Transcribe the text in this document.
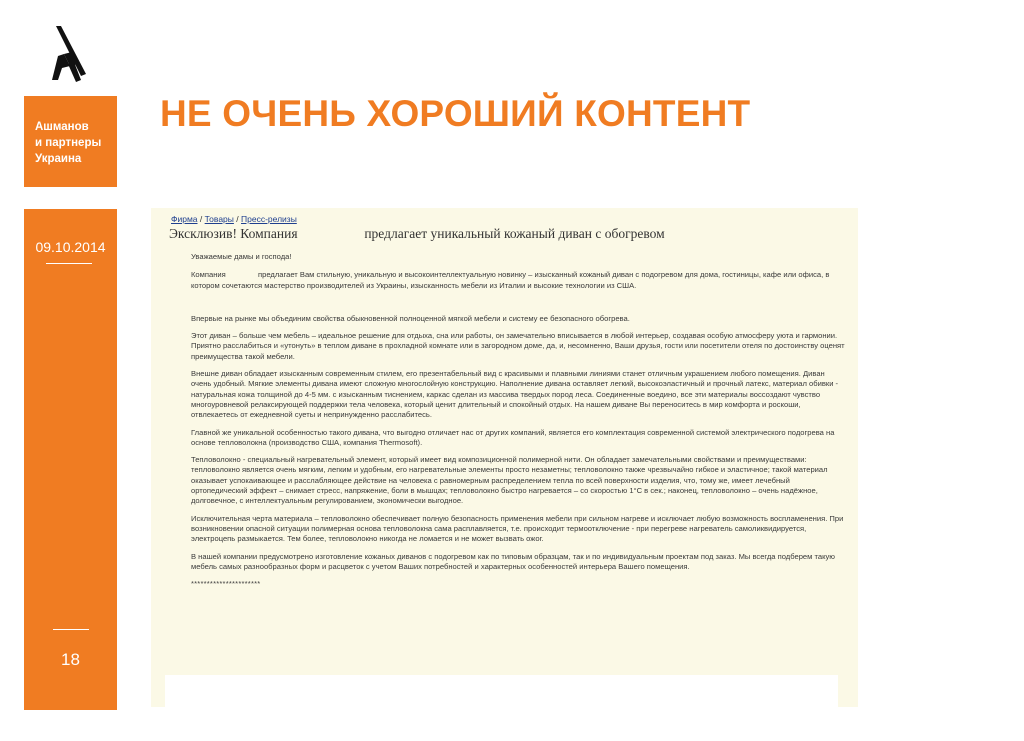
Ашманов
и партнеры
Украина
НЕ ОЧЕНЬ ХОРОШИЙ КОНТЕНТ
09.10.2014
18
Фирма / Товары / Пресс-релизы
Эксклюзив! Компания	предлагает уникальный кожаный диван с обогревом

Уважаемые дамы и господа!

Компания	предлагает Вам стильную, уникальную и высокоинтеллектуальную новинку – изысканный кожаный диван с подогревом для дома, гостиницы, кафе или офиса, в котором сочетаются мастерство производителей из Украины, изысканность мебели из Италии и высокие технологии из США.

Впервые на рынке мы объединим свойства обыкновенной полноценной мягкой мебели и систему ее безопасного обогрева.

Этот диван – больше чем мебель – идеальное решение для отдыха, сна или работы, он замечательно вписывается в любой интерьер, создавая особую атмосферу уюта и гармонии. Приятно расслабиться и «утонуть» в теплом диване в прохладной комнате или в загородном доме, да, и, несомненно, Ваши друзья, гости или посетители отеля по достоинству оценят преимущества такой мебели.

Внешне диван обладает изысканным современным стилем, его презентабельный вид с красивыми и плавными линиями станет отличным украшением любого помещения. Диван очень удобный. Мягкие элементы дивана имеют сложную многослойную конструкцию. Наполнение дивана оставляет легкий, высокоэластичный и прочный латекс, материал обивки - натуральная кожа толщиной до 4-5 мм. с изысканным тиснением, каркас сделан из массива твердых пород леса. Соединенные воедино, все эти материалы воссоздают чувство многоуровневой релаксирующей поддержки тела человека, который ценит длительный и спокойный отдых. На нашем диване Вы переноситесь в мир комфорта и роскоши, отвлекаетесь от ежедневной суеты и непринужденно расслабитесь.

Главной же уникальной особенностью такого дивана, что выгодно отличает нас от других компаний, является его комплектация современной системой электрического подогрева на основе тепловолокна (производство США, компания Thermosoft).

Тепловолокно - специальный нагревательный элемент, который имеет вид композиционной полимерной нити. Он обладает замечательными свойствами и преимуществами: тепловолокно является очень мягким, легким и удобным, его нагревательные элементы просто незаметны; тепловолокно также чрезвычайно гибкое и эластичное; такой материал оказывает успокаивающее и расслабляющее действие на человека с равномерным распределением тепла по всей поверхности изделия, что, тому же, имеет лечебный ортопедический эффект – снимает стресс, напряжение, боли в мышцах; тепловолокно быстро нагревается – со скоростью 1°С в сек.; наконец, тепловолокно – очень надёжное, долговечное, с интеллектуальным регулированием, экономически выгодное.

Исключительная черта материала – тепловолокно обеспечивает полную безопасность применения мебели при сильном нагреве и исключает любую возможность воспламенения. При возникновении опасной ситуации полимерная основа тепловолокна сама расплавляется, т.е. происходит термоотключение - при перегреве нагреватель самоликвидируется, электроцепь размыкается. Тем более, тепловолокно никогда не ломается и не может вызвать ожог.

В нашей компании предусмотрено изготовление кожаных диванов с подогревом как по типовым образцам, так и по индивидуальным проектам под заказ. Мы всегда подберем такую мебель самых разнообразных форм и расцветок с учетом Ваших потребностей и характерных особенностей интерьера Вашего помещения.

**********************
